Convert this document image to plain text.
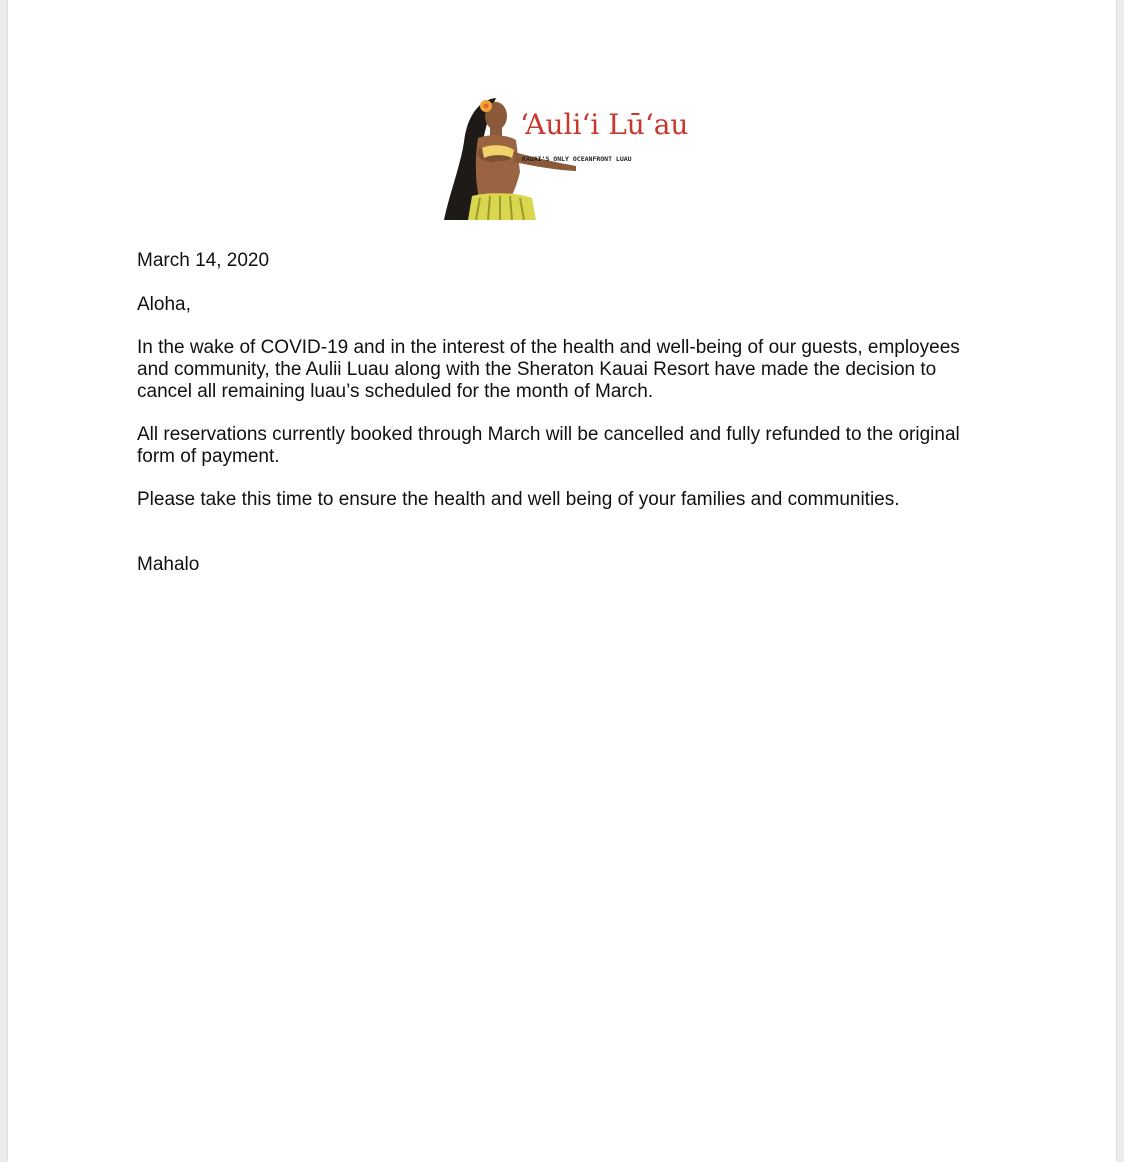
ʻAuliʻi Lūʻau
KAUAI'S ONLY OCEANFRONT LUAU

March 14, 2020

Aloha,

In the wake of COVID-19 and in the interest of the health and well-being of our guests, employees and community, the Aulii Luau along with the Sheraton Kauai Resort have made the decision to cancel all remaining luau’s scheduled for the month of March.

All reservations currently booked through March will be cancelled and fully refunded to the original form of payment.

Please take this time to ensure the health and well being of your families and communities.

Mahalo
